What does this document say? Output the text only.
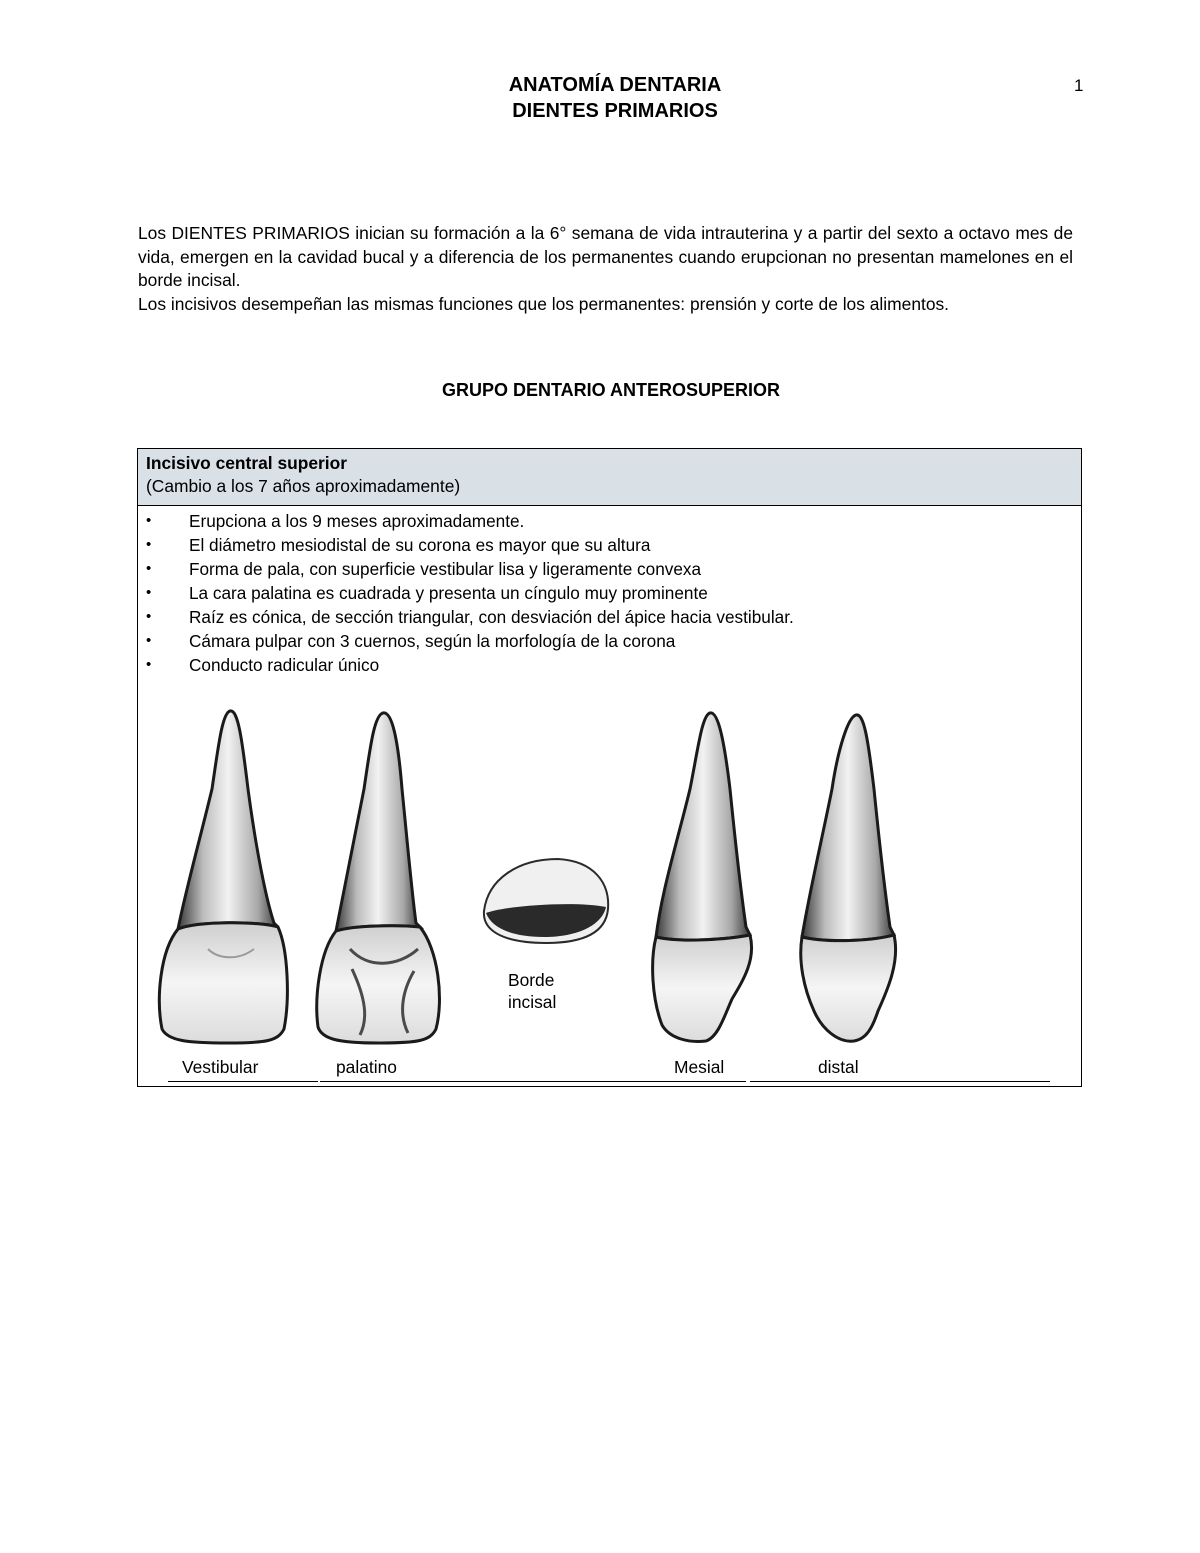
1
ANATOMÍA DENTARIA
DIENTES PRIMARIOS

Los DIENTES PRIMARIOS inician su formación a la 6° semana de vida intrauterina y a partir del sexto a octavo mes de vida, emergen en la cavidad bucal y a diferencia de los permanentes cuando erupcionan no presentan mamelones en el borde incisal.

Los incisivos desempeñan las mismas funciones que los permanentes: prensión y corte de los alimentos.

GRUPO DENTARIO ANTEROSUPERIOR
Incisivo central superior
(Cambio a los 7 años aproximadamente)
• Erupciona a los 9 meses aproximadamente.
• El diámetro mesiodistal de su corona es mayor que su altura
• Forma de pala, con superficie vestibular lisa y ligeramente convexa
• La cara palatina es cuadrada y presenta un cíngulo muy prominente
• Raíz es cónica, de sección triangular, con desviación del ápice hacia vestibular.
• Cámara pulpar con 3 cuernos, según la morfología de la corona
• Conducto radicular único
Vestibular	palatino
Borde
incisal
Mesial	distal
